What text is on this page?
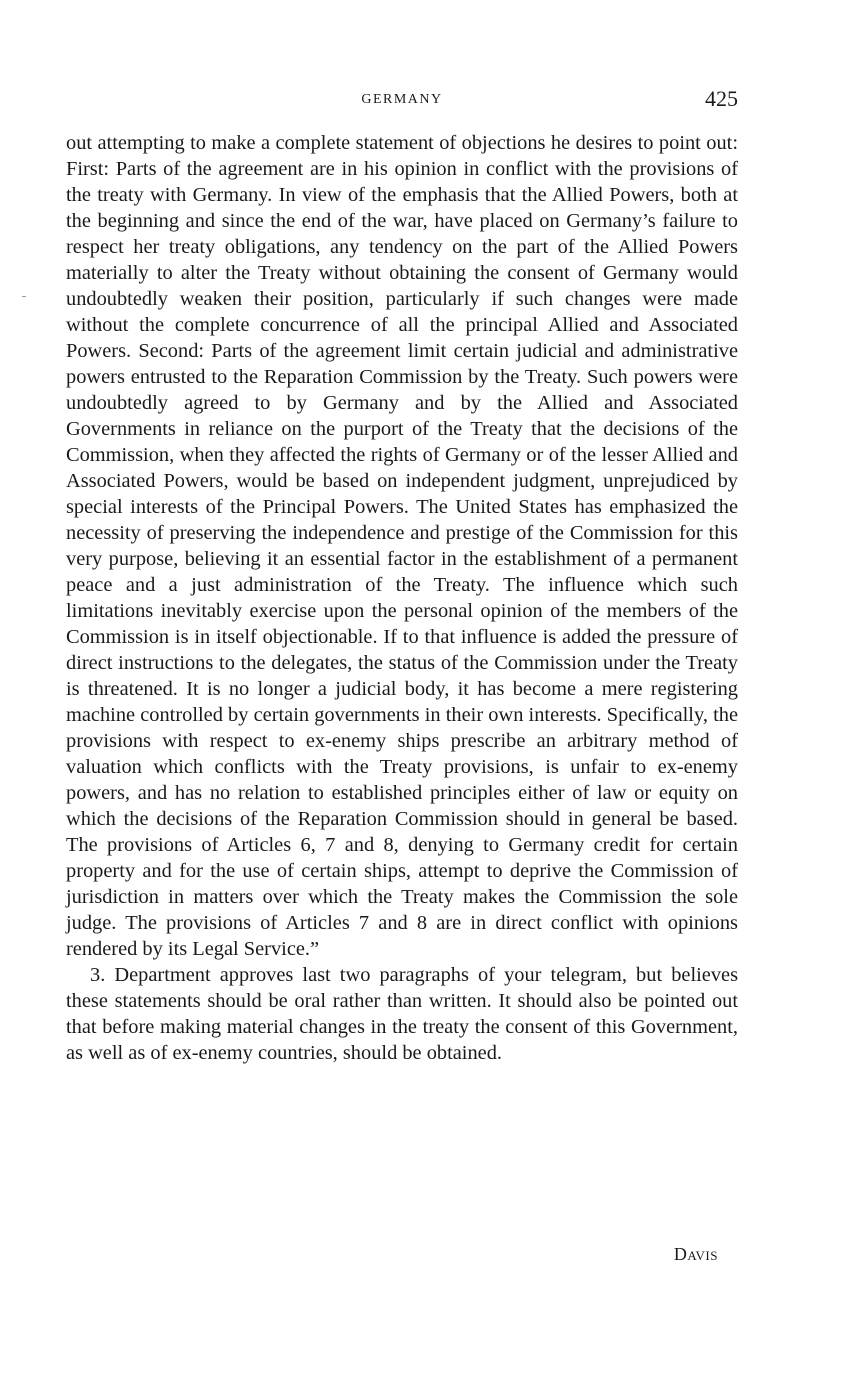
GERMANY	425

out attempting to make a complete statement of objections he desires to point out: First: Parts of the agreement are in his opinion in conflict with the provisions of the treaty with Germany. In view of the emphasis that the Allied Powers, both at the beginning and since the end of the war, have placed on Germany’s failure to respect her treaty obligations, any tendency on the part of the Allied Powers materially to alter the Treaty without obtaining the consent of Germany would undoubtedly weaken their position, particularly if such changes were made without the complete concurrence of all the principal Allied and Associated Powers. Second: Parts of the agreement limit certain judicial and administrative powers entrusted to the Reparation Commission by the Treaty. Such powers were undoubtedly agreed to by Germany and by the Allied and Associated Governments in reliance on the purport of the Treaty that the decisions of the Commission, when they affected the rights of Germany or of the lesser Allied and Associated Powers, would be based on independent judgment, unprejudiced by special interests of the Principal Powers. The United States has emphasized the necessity of preserving the independence and prestige of the Commission for this very purpose, believing it an essential factor in the establishment of a permanent peace and a just administration of the Treaty. The influence which such limitations inevitably exercise upon the personal opinion of the members of the Commission is in itself objectionable. If to that influence is added the pressure of direct instructions to the delegates, the status of the Commission under the Treaty is threatened. It is no longer a judicial body, it has become a mere registering machine controlled by certain governments in their own interests. Specifically, the provisions with respect to ex-enemy ships prescribe an arbitrary method of valuation which conflicts with the Treaty provisions, is unfair to ex-enemy powers, and has no relation to established principles either of law or equity on which the decisions of the Reparation Commission should in general be based. The provisions of Articles 6, 7 and 8, denying to Germany credit for certain property and for the use of certain ships, attempt to deprive the Commission of jurisdiction in matters over which the Treaty makes the Commission the sole judge. The provisions of Articles 7 and 8 are in direct conflict with opinions rendered by its Legal Service.”

3. Department approves last two paragraphs of your telegram, but believes these statements should be oral rather than written. It should also be pointed out that before making material changes in the treaty the consent of this Government, as well as of ex-enemy countries, should be obtained.

Davis
